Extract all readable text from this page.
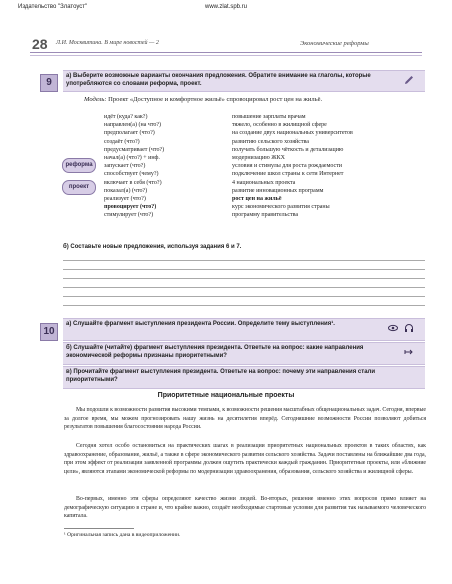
Издательство "Златоуст"	www.zlat.spb.ru
28 Л.И. Москвитина. В мире новостей — 2	Экономические реформы
9
а) Выберите возможные варианты окончания предложения. Обратите внимание на глаголы, которые употребляются со словами реформа, проект.
Модель: Проект «Доступное и комфортное жильё» спровоцировал рост цен на жильё.
реформа
проект
идёт (куда? как?)
направлен(а) (на что?)
предполагает (что?)
создаёт (что?)
предусматривает (что?)
начал(а) (что?) + инф.
запускает (что?)
способствует (чему?)
включает в себя (что?)
показал(а) (что?)
реализует (что?)
провоцирует (что?)
стимулирует (что?)
повышение зарплаты врачам
тяжело, особенно в жилищной сфере
на создание двух национальных университетов
развитию сельского хозяйства
получать большую чёткость и детализацию
модернизацию ЖКХ
условия и стимулы для роста рождаемости
подключение школ страны к сети Интернет
4 национальных проекта
развитие инновационных программ
рост цен на жильё
курс экономического развития страны
программу правительства
б) Составьте новые предложения, используя задания 6 и 7.
10
а) Слушайте фрагмент выступления президента России. Определите тему выступления¹.
б) Слушайте (читайте) фрагмент выступления президента. Ответьте на вопрос: какие направления экономической реформы признаны приоритетными?
в) Прочитайте фрагмент выступления президента. Ответьте на вопрос: почему эти направления стали приоритетными?
Приоритетные национальные проекты
Мы подошли к возможности развития высокими темпами, к возможности решения масштабных общенациональных задач. Сегодня, впервые за долгое время, мы можем прогнозировать нашу жизнь на десятилетия вперёд. Сегодняшние возможности России позволяют добиться результатов повышения благосостояния народа России.
Сегодня хотел особо остановиться на практических шагах в реализации приоритетных национальных проектов в таких областях, как здравоохранение, образование, жильё, а также в сфере экономического развития сельского хозяйства. Задачи поставлены на ближайшие два года, при этом эффект от реализации заявленной программы должен ощутить практически каждый гражданин. Приоритетные проекты, или «ближние цели», являются этапами экономической реформы по модернизации здравоохранения, образования, сельского хозяйства и жилищной сферы.
Во-первых, именно эти сферы определяют качество жизни людей. Во-вторых, решение именно этих вопросов прямо влияет на демографическую ситуацию в стране и, что крайне важно, создаёт необходимые стартовые условия для развития так называемого человеческого капитала.
¹ Оригинальная запись дана в видеоприложении.
